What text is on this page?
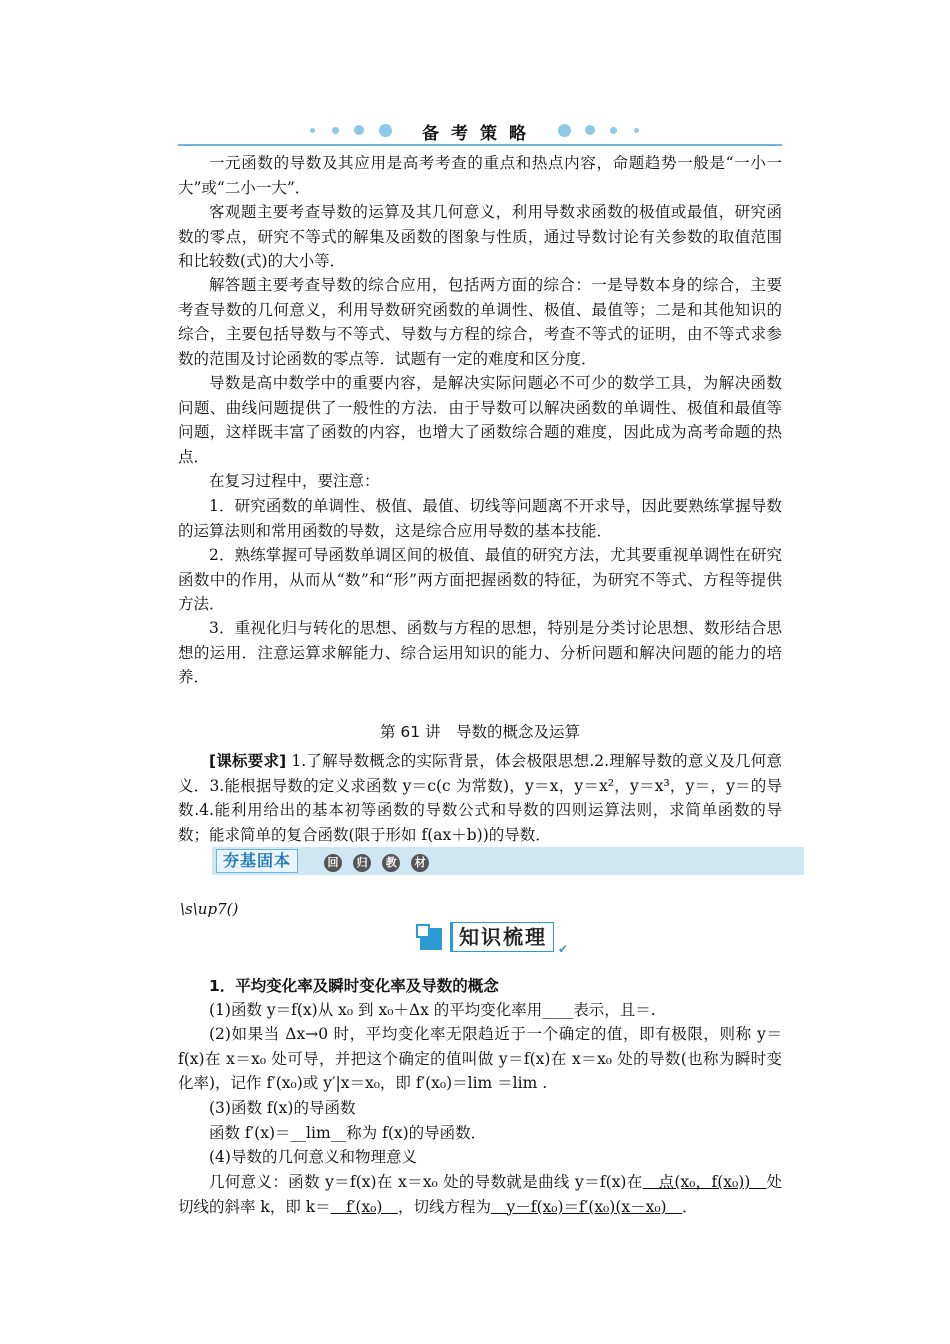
备考策略

一元函数的导数及其应用是高考考查的重点和热点内容，命题趋势一般是“一小一大”或“二小一大”．

客观题主要考查导数的运算及其几何意义，利用导数求函数的极值或最值，研究函数的零点，研究不等式的解集及函数的图象与性质，通过导数讨论有关参数的取值范围和比较数(式)的大小等．

解答题主要考查导数的综合应用，包括两方面的综合：一是导数本身的综合，主要考查导数的几何意义，利用导数研究函数的单调性、极值、最值等；二是和其他知识的综合，主要包括导数与不等式、导数与方程的综合，考查不等式的证明，由不等式求参数的范围及讨论函数的零点等．试题有一定的难度和区分度．

导数是高中数学中的重要内容，是解决实际问题必不可少的数学工具，为解决函数问题、曲线问题提供了一般性的方法．由于导数可以解决函数的单调性、极值和最值等问题，这样既丰富了函数的内容，也增大了函数综合题的难度，因此成为高考命题的热点．

在复习过程中，要注意：

1．研究函数的单调性、极值、最值、切线等问题离不开求导，因此要熟练掌握导数的运算法则和常用函数的导数，这是综合应用导数的基本技能．

2．熟练掌握可导函数单调区间的极值、最值的研究方法，尤其要重视单调性在研究函数中的作用，从而从“数”和“形”两方面把握函数的特征，为研究不等式、方程等提供方法．

3．重视化归与转化的思想、函数与方程的思想，特别是分类讨论思想、数形结合思想的运用．注意运算求解能力、综合运用知识的能力、分析问题和解决问题的能力的培养．

第 61 讲　导数的概念及运算

[课标要求] 1.了解导数概念的实际背景，体会极限思想.2.理解导数的意义及几何意义．3.能根据导数的定义求函数 y＝c(c 为常数)，y＝x，y＝x²，y＝x³，y＝，y＝的导数.4.能利用给出的基本初等函数的导数公式和导数的四则运算法则，求简单函数的导数；能求简单的复合函数(限于形如 f(ax＋b))的导数．

夯基固本	回 归 教 材
\s\up7()
知识梳理 ✔

1．平均变化率及瞬时变化率及导数的概念

(1)函数 y＝f(x)从 x₀ 到 x₀＋Δx 的平均变化率用____表示，且＝.

(2)如果当 Δx→0 时，平均变化率无限趋近于一个确定的值，即有极限，则称 y＝f(x)在 x＝x₀ 处可导，并把这个确定的值叫做 y＝f(x)在 x＝x₀ 处的导数(也称为瞬时变化率)，记作 f′(x₀)或 y′|x＝x₀，即 f′(x₀)＝lim ＝lim .

(3)函数 f(x)的导函数

函数 f′(x)＝__lim__称为 f(x)的导函数．

(4)导数的几何意义和物理意义

几何意义：函数 y＝f(x)在 x＝x₀ 处的导数就是曲线 y＝f(x)在　点(x₀，f(x₀))　处切线的斜率 k，即 k＝　f′(x₀)　，切线方程为　y－f(x₀)＝f′(x₀)(x－x₀)　．
